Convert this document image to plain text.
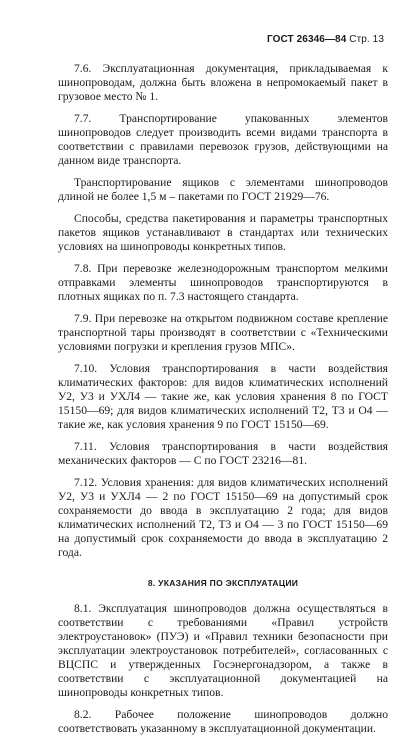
ГОСТ 26346—84 Стр. 13

7.6. Эксплуатационная документация, прикладываемая к шинопроводам, должна быть вложена в непромокаемый пакет в грузовое место № 1.

7.7. Транспортирование упакованных элементов шинопроводов следует производить всеми видами транспорта в соответствии с правилами перевозок грузов, действующими на данном виде транспорта.

Транспортирование ящиков с элементами шинопроводов длиной не более 1,5 м – пакетами по ГОСТ 21929—76.

Способы, средства пакетирования и параметры транспортных пакетов ящиков устанавливают в стандартах или технических условиях на шинопроводы конкретных типов.

7.8. При перевозке железнодорожным транспортом мелкими отправками элементы шинопроводов транспортируются в плотных ящиках по п. 7.3 настоящего стандарта.

7.9. При перевозке на открытом подвижном составе крепление транспортной тары производят в соответствии с «Техническими условиями погрузки и крепления грузов МПС».

7.10. Условия транспортирования в части воздействия климатических факторов: для видов климатических исполнений У2, У3 и УХЛ4 — такие же, как условия хранения 8 по ГОСТ 15150—69; для видов климатических исполнений Т2, Т3 и О4 — такие же, как условия хранения 9 по ГОСТ 15150—69.

7.11. Условия транспортирования в части воздействия механических факторов — С по ГОСТ 23216—81.

7.12. Условия хранения: для видов климатических исполнений У2, У3 и УХЛ4 — 2 по ГОСТ 15150—69 на допустимый срок сохраняемости до ввода в эксплуатацию 2 года; для видов климатических исполнений Т2, Т3 и О4 — 3 по ГОСТ 15150—69 на допустимый срок сохраняемости до ввода в эксплуатацию 2 года.

8. УКАЗАНИЯ ПО ЭКСПЛУАТАЦИИ

8.1. Эксплуатация шинопроводов должна осуществляться в соответствии с требованиями «Правил устройств электроустановок» (ПУЭ) и «Правил техники безопасности при эксплуатации электроустановок потребителей», согласованных с ВЦСПС и утвержденных Госэнергонадзором, а также в соответствии с эксплуатационной документацией на шинопроводы конкретных типов.

8.2. Рабочее положение шинопроводов должно соответствовать указанному в эксплуатационной документации.
